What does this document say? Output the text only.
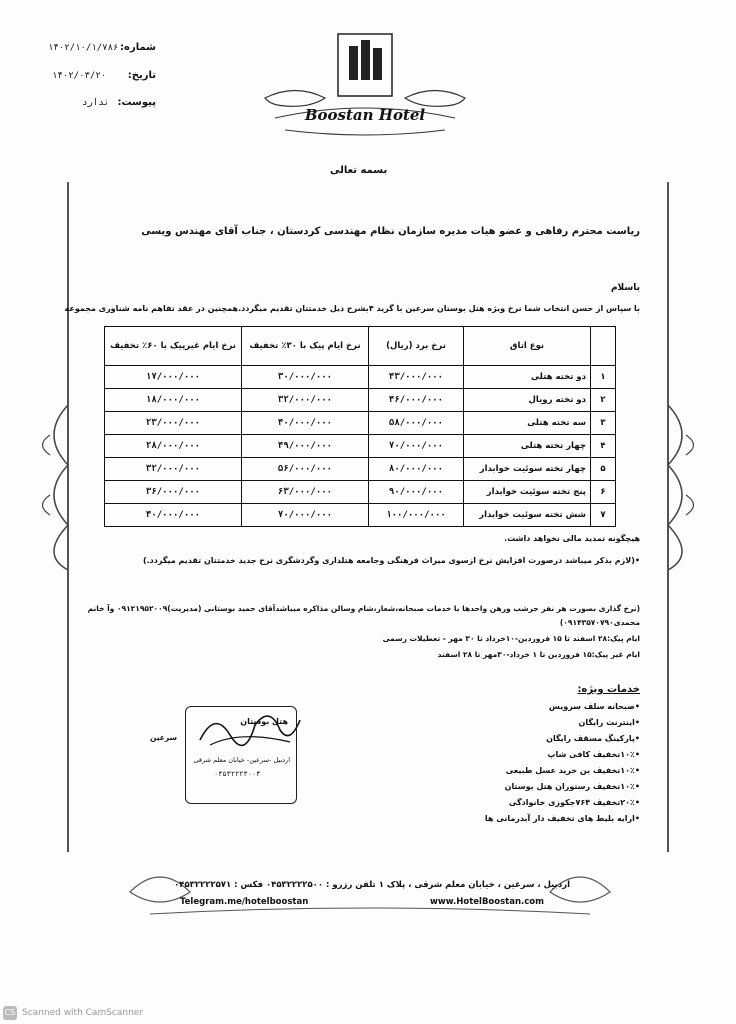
شماره:
۱۴۰۲/۱۰/۱/۷۸۶
تاریخ:
۱۴۰۲/۰۳/۲۰
پیوست:
ندارد
Boostan Hotel
بسمه تعالی
ریاست محترم رفاهی و عضو هیات مدیره سازمان نظام مهندسی کردستان ، جناب آقای مهندس ویسی
باسلام
با سپاس از حسن انتخاب شما نرخ ویژه هتل بوستان سرعین با گرید ۴بشرح ذیل خدمتتان تقدیم میگردد.همچنین در عقد تفاهم نامه شناوری مجموعه
	نوع اتاق	نرخ برد (ریال)	نرخ ایام پیک با ۳۰٪ تخفیف	نرخ ایام غیرپیک با ۶۰٪ تخفیف
۱	دو تخته هتلی	۴۳/۰۰۰/۰۰۰	۳۰/۰۰۰/۰۰۰	۱۷/۰۰۰/۰۰۰
۲	دو تخته رویال	۴۶/۰۰۰/۰۰۰	۳۲/۰۰۰/۰۰۰	۱۸/۰۰۰/۰۰۰
۳	سه تخته هتلی	۵۸/۰۰۰/۰۰۰	۴۰/۰۰۰/۰۰۰	۲۳/۰۰۰/۰۰۰
۴	چهار تخته هتلی	۷۰/۰۰۰/۰۰۰	۴۹/۰۰۰/۰۰۰	۲۸/۰۰۰/۰۰۰
۵	چهار تخته سوئیت خوابدار	۸۰/۰۰۰/۰۰۰	۵۶/۰۰۰/۰۰۰	۳۲/۰۰۰/۰۰۰
۶	پنج تخته سوئیت خوابدار	۹۰/۰۰۰/۰۰۰	۶۳/۰۰۰/۰۰۰	۳۶/۰۰۰/۰۰۰
۷	شش تخته سوئیت خوابدار	۱۰۰/۰۰۰/۰۰۰	۷۰/۰۰۰/۰۰۰	۴۰/۰۰۰/۰۰۰
هیچگونه تمدید مالی نخواهد داشت.
•(لازم بذکر میباشد درصورت افزایش نرخ ازسوی میراث فرهنگی وجامعه هتلداری وگردشگری نرخ جدید خدمتتان تقدیم میگردد.)
(نرخ گذاری بصورت هر نفر جرشب ورهن واحدها با خدمات صبحانه،شعار،شام وسالن مذاکره میباشدآقای حمید بوستانی (مدیریت)۰۹۱۲۱۹۵۲۰۰۹ وآ خانم
محمدی۰۹۱۴۳۵۷۰۷۹۰)
ایام پیک:۲۸ اسفند تا ۱۵ فروردین-۱۰خرداد تا ۳۰ مهر - تعطیلات رسمی
ایام غیر پیک:۱۵ فروردین تا ۱ خرداد-۳۰مهر تا ۲۸ اسفند
خدمات ویژه:
•صبحانه سلف سرویس
•اینترنت رایگان
•پارکینگ مسقف رایگان
•۱۰٪تخفیف کافی شاپ
•۱۰٪تخفیف بن خرید عسل طبیعی
•۱۰٪تخفیف رستوران هتل بوستان
•۲۰٪تخفیف ۷۶۴جکوزی خانوادگی
•ارایه بلیط های تخفیف دار آبدرمانی ها
هتل بوستان
اردبیل -سرعین- خیابان معلم شرقی
۰۴۵۳۲۲۲۳۰۰۴
سرعین
اردبیل ، سرعین ، خیابان معلم شرقی ، پلاک ۱ تلفن رزرو : ۰۴۵۳۲۲۲۲۵۰۰ فکس : ۰۴۵۳۲۲۲۲۵۷۱
Telegram.me/hotelboostan	www.HotelBoostan.com
CS Scanned with CamScanner
